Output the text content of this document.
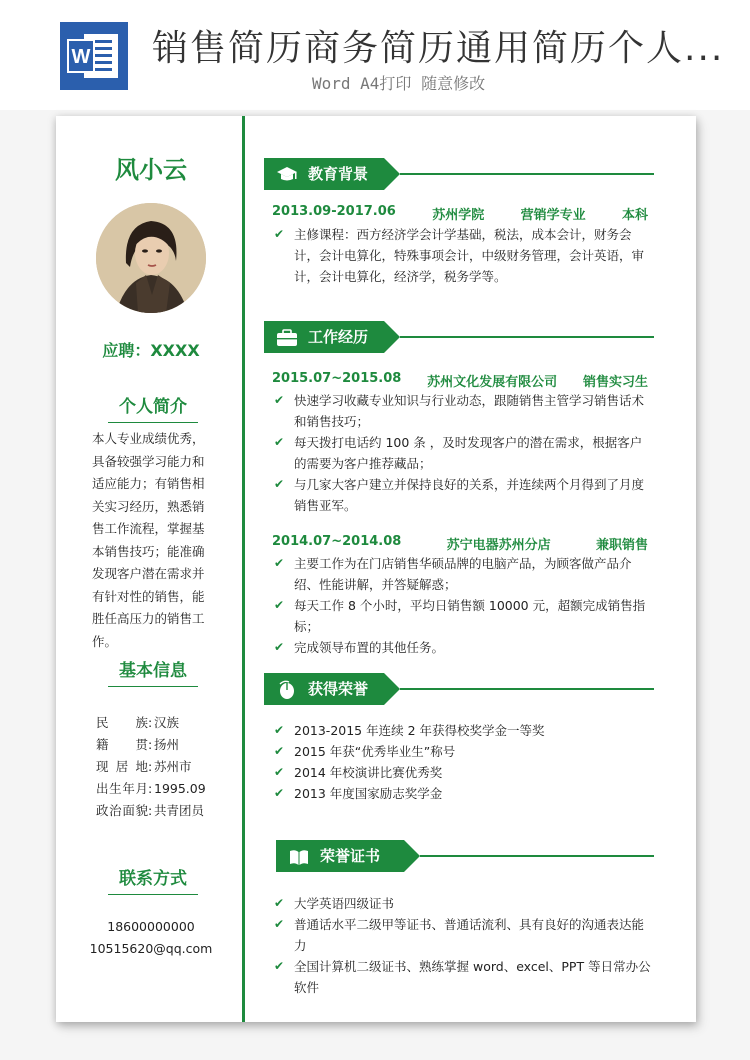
W 销售简历商务简历通用简历个人...
Word A4打印 随意修改
风小云
应聘：XXXX
个人简介
本人专业成绩优秀，具备较强学习能力和适应能力；有销售相关实习经历，熟悉销售工作流程，掌握基本销售技巧；能准确发现客户潜在需求并有针对性的销售，能胜任高压力的销售工作。
基本信息
民族 : 汉族
籍贯 : 扬州
现居地 : 苏州市
出生年月 : 1995.09
政治面貌 : 共青团员
联系方式
18600000000
10515620@qq.com
教育背景
2013.09-2017.06	苏州学院	营销学专业	本科
✔ 主修课程：西方经济学会计学基础，税法，成本会计，财务会计，会计电算化，特殊事项会计，中级财务管理，会计英语，审计，会计电算化，经济学，税务学等。
工作经历
2015.07~2015.08 苏州文化发展有限公司 销售实习生
✔ 快速学习收藏专业知识与行业动态，跟随销售主管学习销售话术和销售技巧；
✔ 每天拨打电话约 100 条 ，及时发现客户的潜在需求，根据客户的需要为客户推荐藏品；
✔ 与几家大客户建立并保持良好的关系，并连续两个月得到了月度销售亚军。
2014.07~2014.08	苏宁电器苏州分店	兼职销售
✔ 主要工作为在门店销售华硕品牌的电脑产品，为顾客做产品介绍、性能讲解，并答疑解惑；
✔ 每天工作 8 个小时，平均日销售额 10000 元，超额完成销售指标；
✔ 完成领导布置的其他任务。
获得荣誉
✔ 2013-2015 年连续 2 年获得校奖学金一等奖
✔ 2015 年获“优秀毕业生”称号
✔ 2014 年校演讲比赛优秀奖
✔ 2013 年度国家励志奖学金
荣誉证书
✔ 大学英语四级证书
✔ 普通话水平二级甲等证书、普通话流利、具有良好的沟通表达能力
✔ 全国计算机二级证书、熟练掌握 word、excel、PPT 等日常办公软件
